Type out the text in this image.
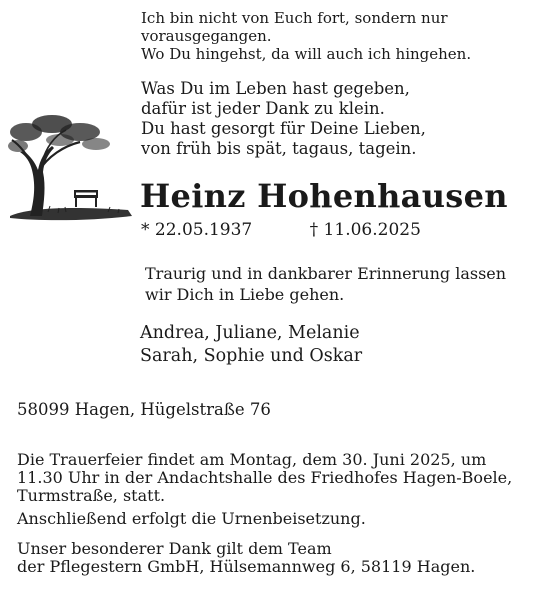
Ich bin nicht von Euch fort, sondern nur
vorausgegangen.
Wo Du hingehst, da will auch ich hingehen.
Was Du im Leben hast gegeben,
dafür ist jeder Dank zu klein.
Du hast gesorgt für Deine Lieben,
von früh bis spät, tagaus, tagein.
Heinz Hohenhausen
* 22.05.1937	† 11.06.2025
Traurig und in dankbarer Erinnerung lassen
wir Dich in Liebe gehen.
Andrea, Juliane, Melanie
Sarah, Sophie und Oskar
58099 Hagen, Hügelstraße 76
Die Trauerfeier findet am Montag, dem 30. Juni 2025, um
11.30 Uhr in der Andachtshalle des Friedhofes Hagen-Boele,
Turmstraße, statt.
Anschließend erfolgt die Urnenbeisetzung.
Unser besonderer Dank gilt dem Team
der Pflegestern GmbH, Hülsemannweg 6, 58119 Hagen.
